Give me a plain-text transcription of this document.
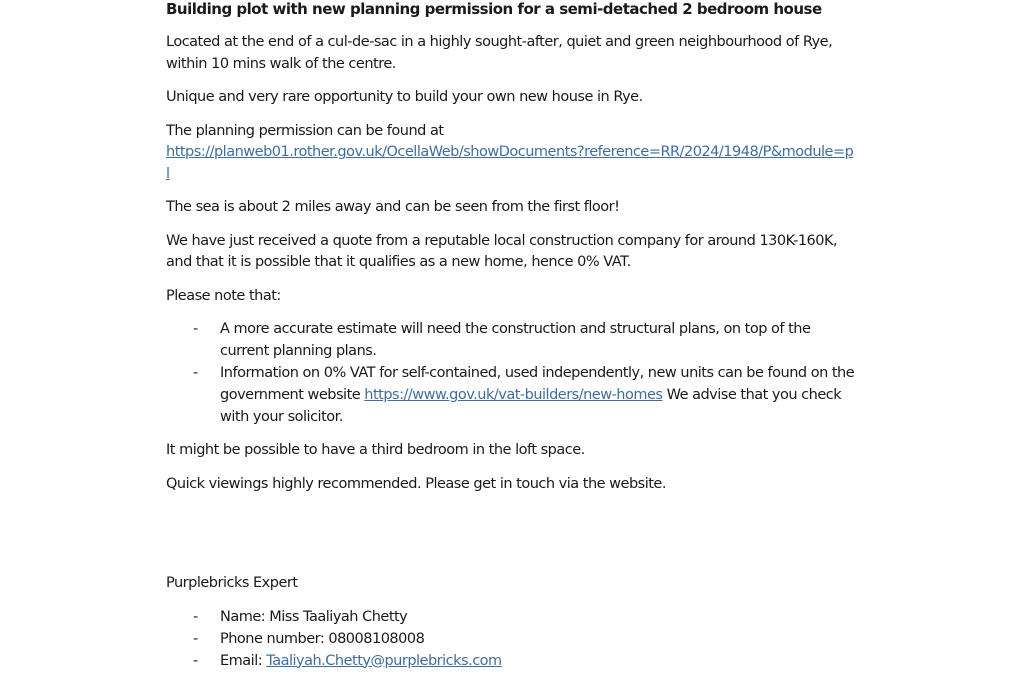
Building plot with new planning permission for a semi-detached 2 bedroom house

Located at the end of a cul-de-sac in a highly sought-after, quiet and green neighbourhood of Rye, within 10 mins walk of the centre.

Unique and very rare opportunity to build your own new house in Rye.

The planning permission can be found at
https://planweb01.rother.gov.uk/OcellaWeb/showDocuments?reference=RR/2024/1948/P&module=pl

The sea is about 2 miles away and can be seen from the first floor!

We have just received a quote from a reputable local construction company for around 130K-160K, and that it is possible that it qualifies as a new home, hence 0% VAT.

Please note that:

- A more accurate estimate will need the construction and structural plans, on top of the current planning plans.
- Information on 0% VAT for self-contained, used independently, new units can be found on the government website https://www.gov.uk/vat-builders/new-homes We advise that you check with your solicitor.

It might be possible to have a third bedroom in the loft space.

Quick viewings highly recommended. Please get in touch via the website.

Purplebricks Expert

- Name: Miss Taaliyah Chetty
- Phone number: 08008108008
- Email: Taaliyah.Chetty@purplebricks.com
